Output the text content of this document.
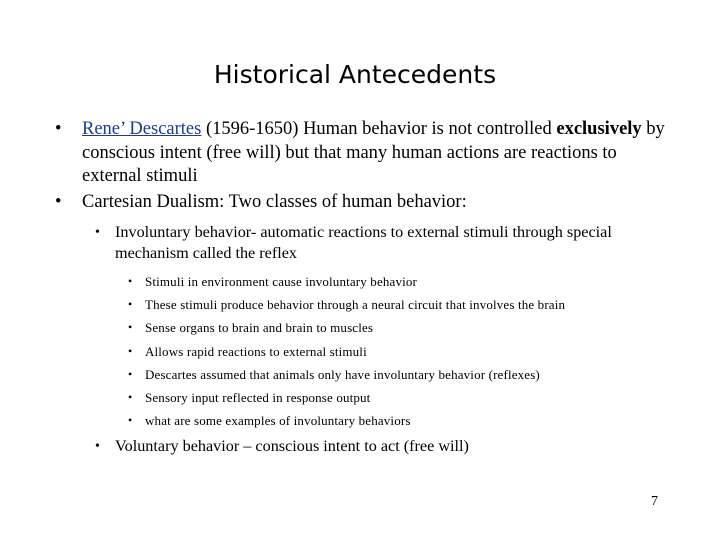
Historical Antecedents
• Rene’ Descartes (1596-1650) Human behavior is not controlled exclusively by conscious intent (free will) but that many human actions are reactions to external stimuli
• Cartesian Dualism: Two classes of human behavior:
• Involuntary behavior- automatic reactions to external stimuli through special mechanism called the reflex
• Stimuli in environment cause involuntary behavior
• These stimuli produce behavior through a neural circuit that involves the brain
• Sense organs to brain and brain to muscles
• Allows rapid reactions to external stimuli
• Descartes assumed that animals only have involuntary behavior (reflexes)
• Sensory input reflected in response output
• what are some examples of involuntary behaviors
• Voluntary behavior – conscious intent to act (free will)
7
